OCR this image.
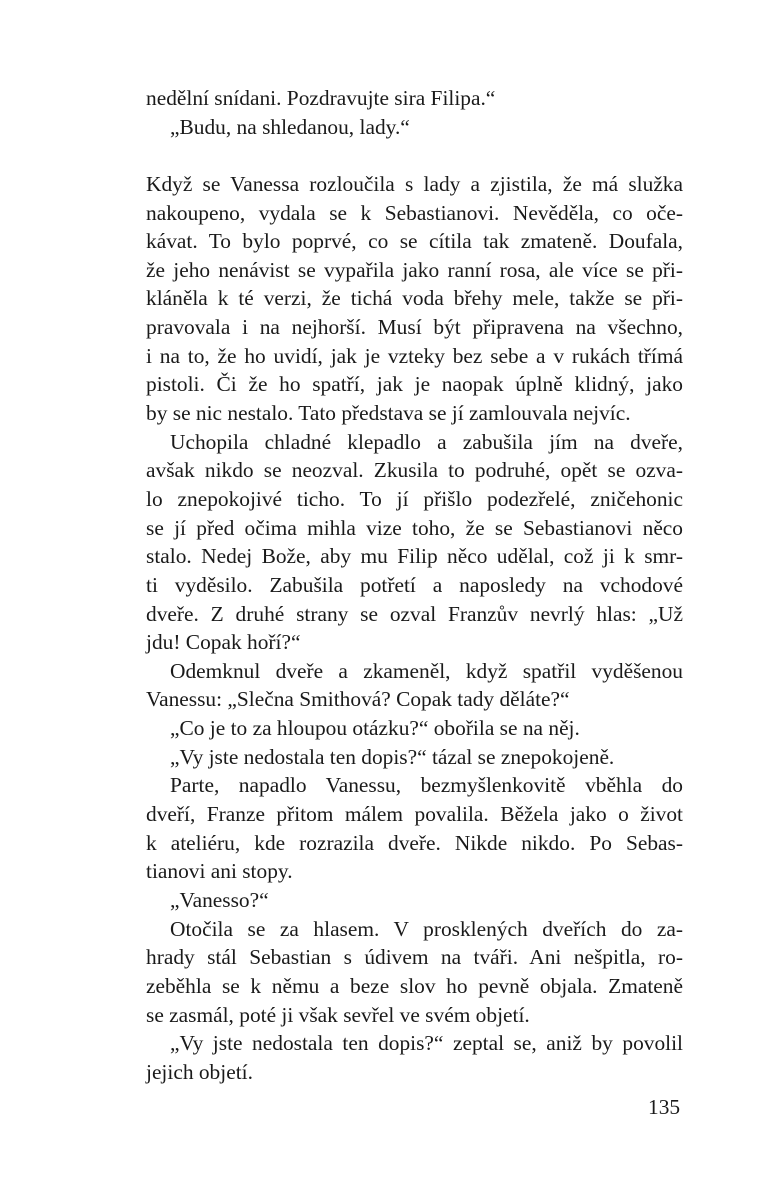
nedělní snídani. Pozdravujte sira Filipa.“
„Budu, na shledanou, lady.“
Když se Vanessa rozloučila s lady a zjistila, že má služka
nakoupeno, vydala se k Sebastianovi. Nevěděla, co oče-
kávat. To bylo poprvé, co se cítila tak zmateně. Doufala,
že jeho nenávist se vypařila jako ranní rosa, ale více se při-
kláněla k té verzi, že tichá voda břehy mele, takže se při-
pravovala i na nejhorší. Musí být připravena na všechno,
i na to, že ho uvidí, jak je vzteky bez sebe a v rukách třímá
pistoli. Či že ho spatří, jak je naopak úplně klidný, jako
by se nic nestalo. Tato představa se jí zamlouvala nejvíc.
Uchopila chladné klepadlo a zabušila jím na dveře,
avšak nikdo se neozval. Zkusila to podruhé, opět se ozva-
lo znepokojivé ticho. To jí přišlo podezřelé, zničehonic
se jí před očima mihla vize toho, že se Sebastianovi něco
stalo. Nedej Bože, aby mu Filip něco udělal, což ji k smr-
ti vyděsilo. Zabušila potřetí a naposledy na vchodové
dveře. Z druhé strany se ozval Franzův nevrlý hlas: „Už
jdu! Copak hoří?“
Odemknul dveře a zkameněl, když spatřil vyděšenou
Vanessu: „Slečna Smithová? Copak tady děláte?“
„Co je to za hloupou otázku?“ obořila se na něj.
„Vy jste nedostala ten dopis?“ tázal se znepokojeně.
Parte, napadlo Vanessu, bezmyšlenkovitě vběhla do
dveří, Franze přitom málem povalila. Běžela jako o život
k ateliéru, kde rozrazila dveře. Nikde nikdo. Po Sebas-
tianovi ani stopy.
„Vanesso?“
Otočila se za hlasem. V prosklených dveřích do za-
hrady stál Sebastian s údivem na tváři. Ani nešpitla, ro-
zeběhla se k němu a beze slov ho pevně objala. Zmateně
se zasmál, poté ji však sevřel ve svém objetí.
„Vy jste nedostala ten dopis?“ zeptal se, aniž by povolil
jejich objetí.
135
